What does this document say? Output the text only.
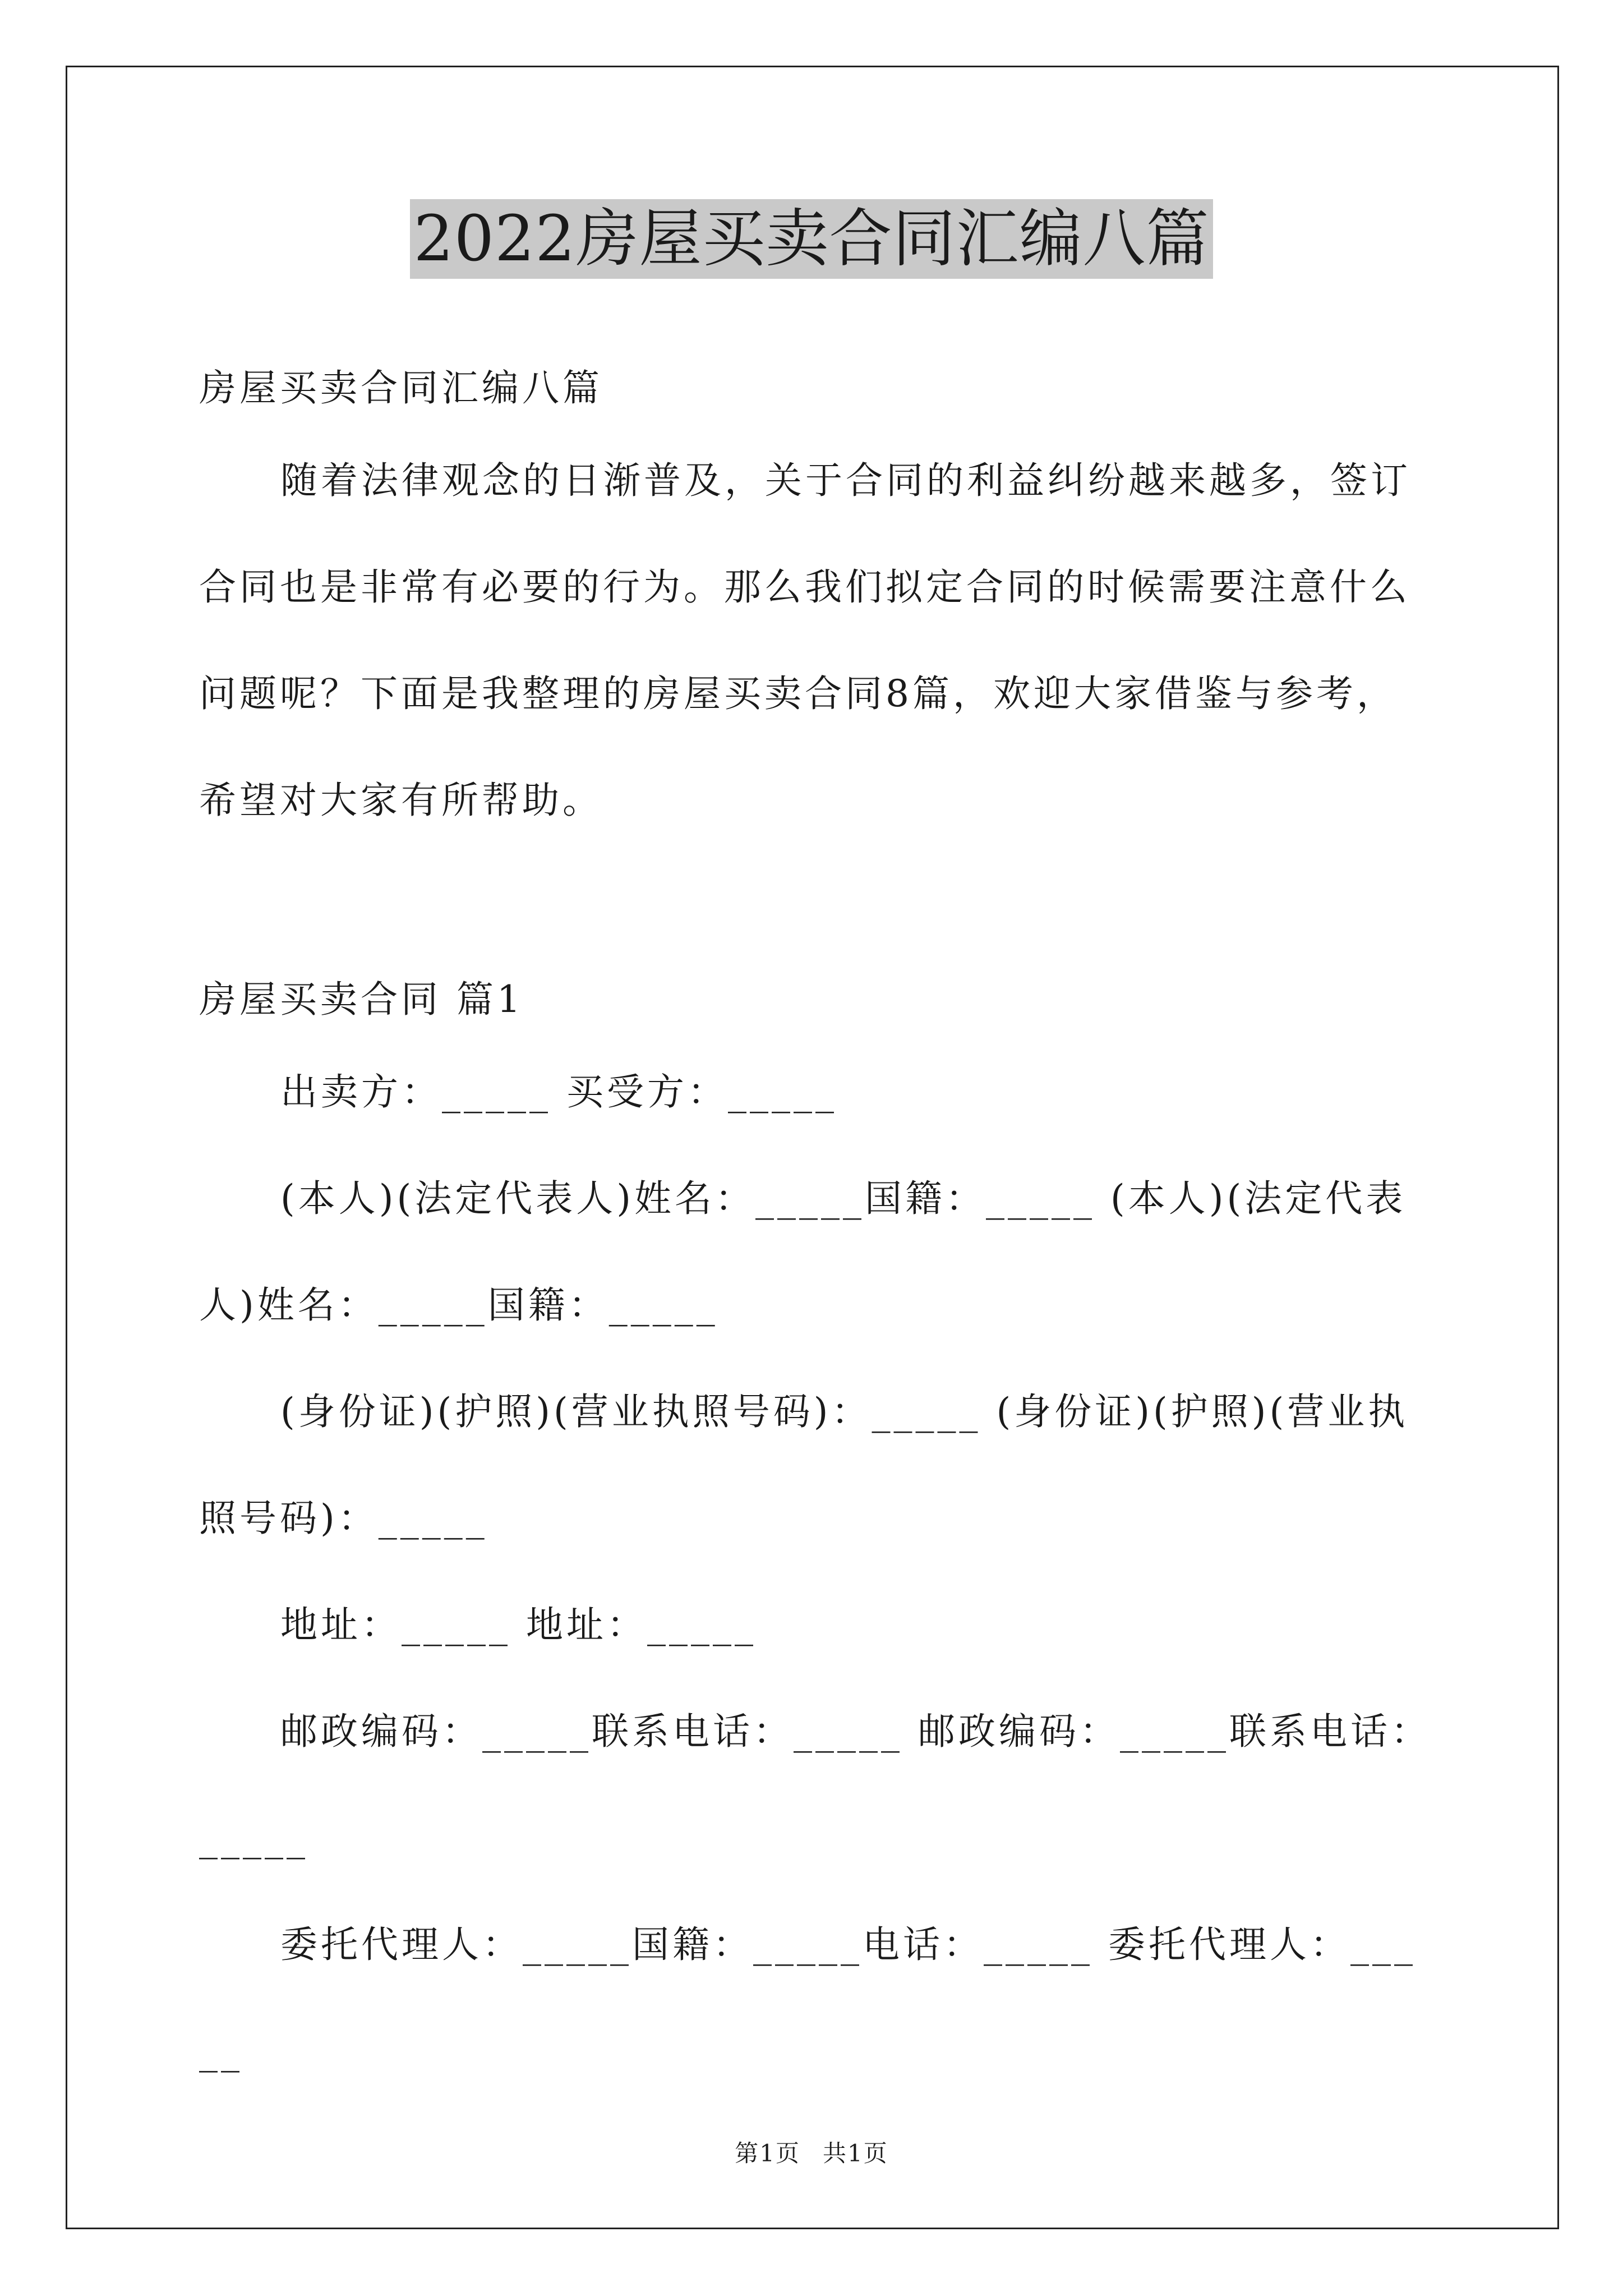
2022房屋买卖合同汇编八篇

房屋买卖合同汇编八篇

随着法律观念的日渐普及，关于合同的利益纠纷越来越多，签订合同也是非常有必要的行为。那么我们拟定合同的时候需要注意什么问题呢？下面是我整理的房屋买卖合同8篇，欢迎大家借鉴与参考，希望对大家有所帮助。

房屋买卖合同 篇1

出卖方：_____ 买受方：_____

(本人)(法定代表人)姓名：_____国籍：_____ (本人)(法定代表人)姓名：_____国籍：_____

(身份证)(护照)(营业执照号码)：_____ (身份证)(护照)(营业执照号码)：_____

地址：_____ 地址：_____

邮政编码：_____联系电话：_____ 邮政编码：_____联系电话：_____

委托代理人：_____国籍：_____电话：_____ 委托代理人：_____

第1页 共1页
